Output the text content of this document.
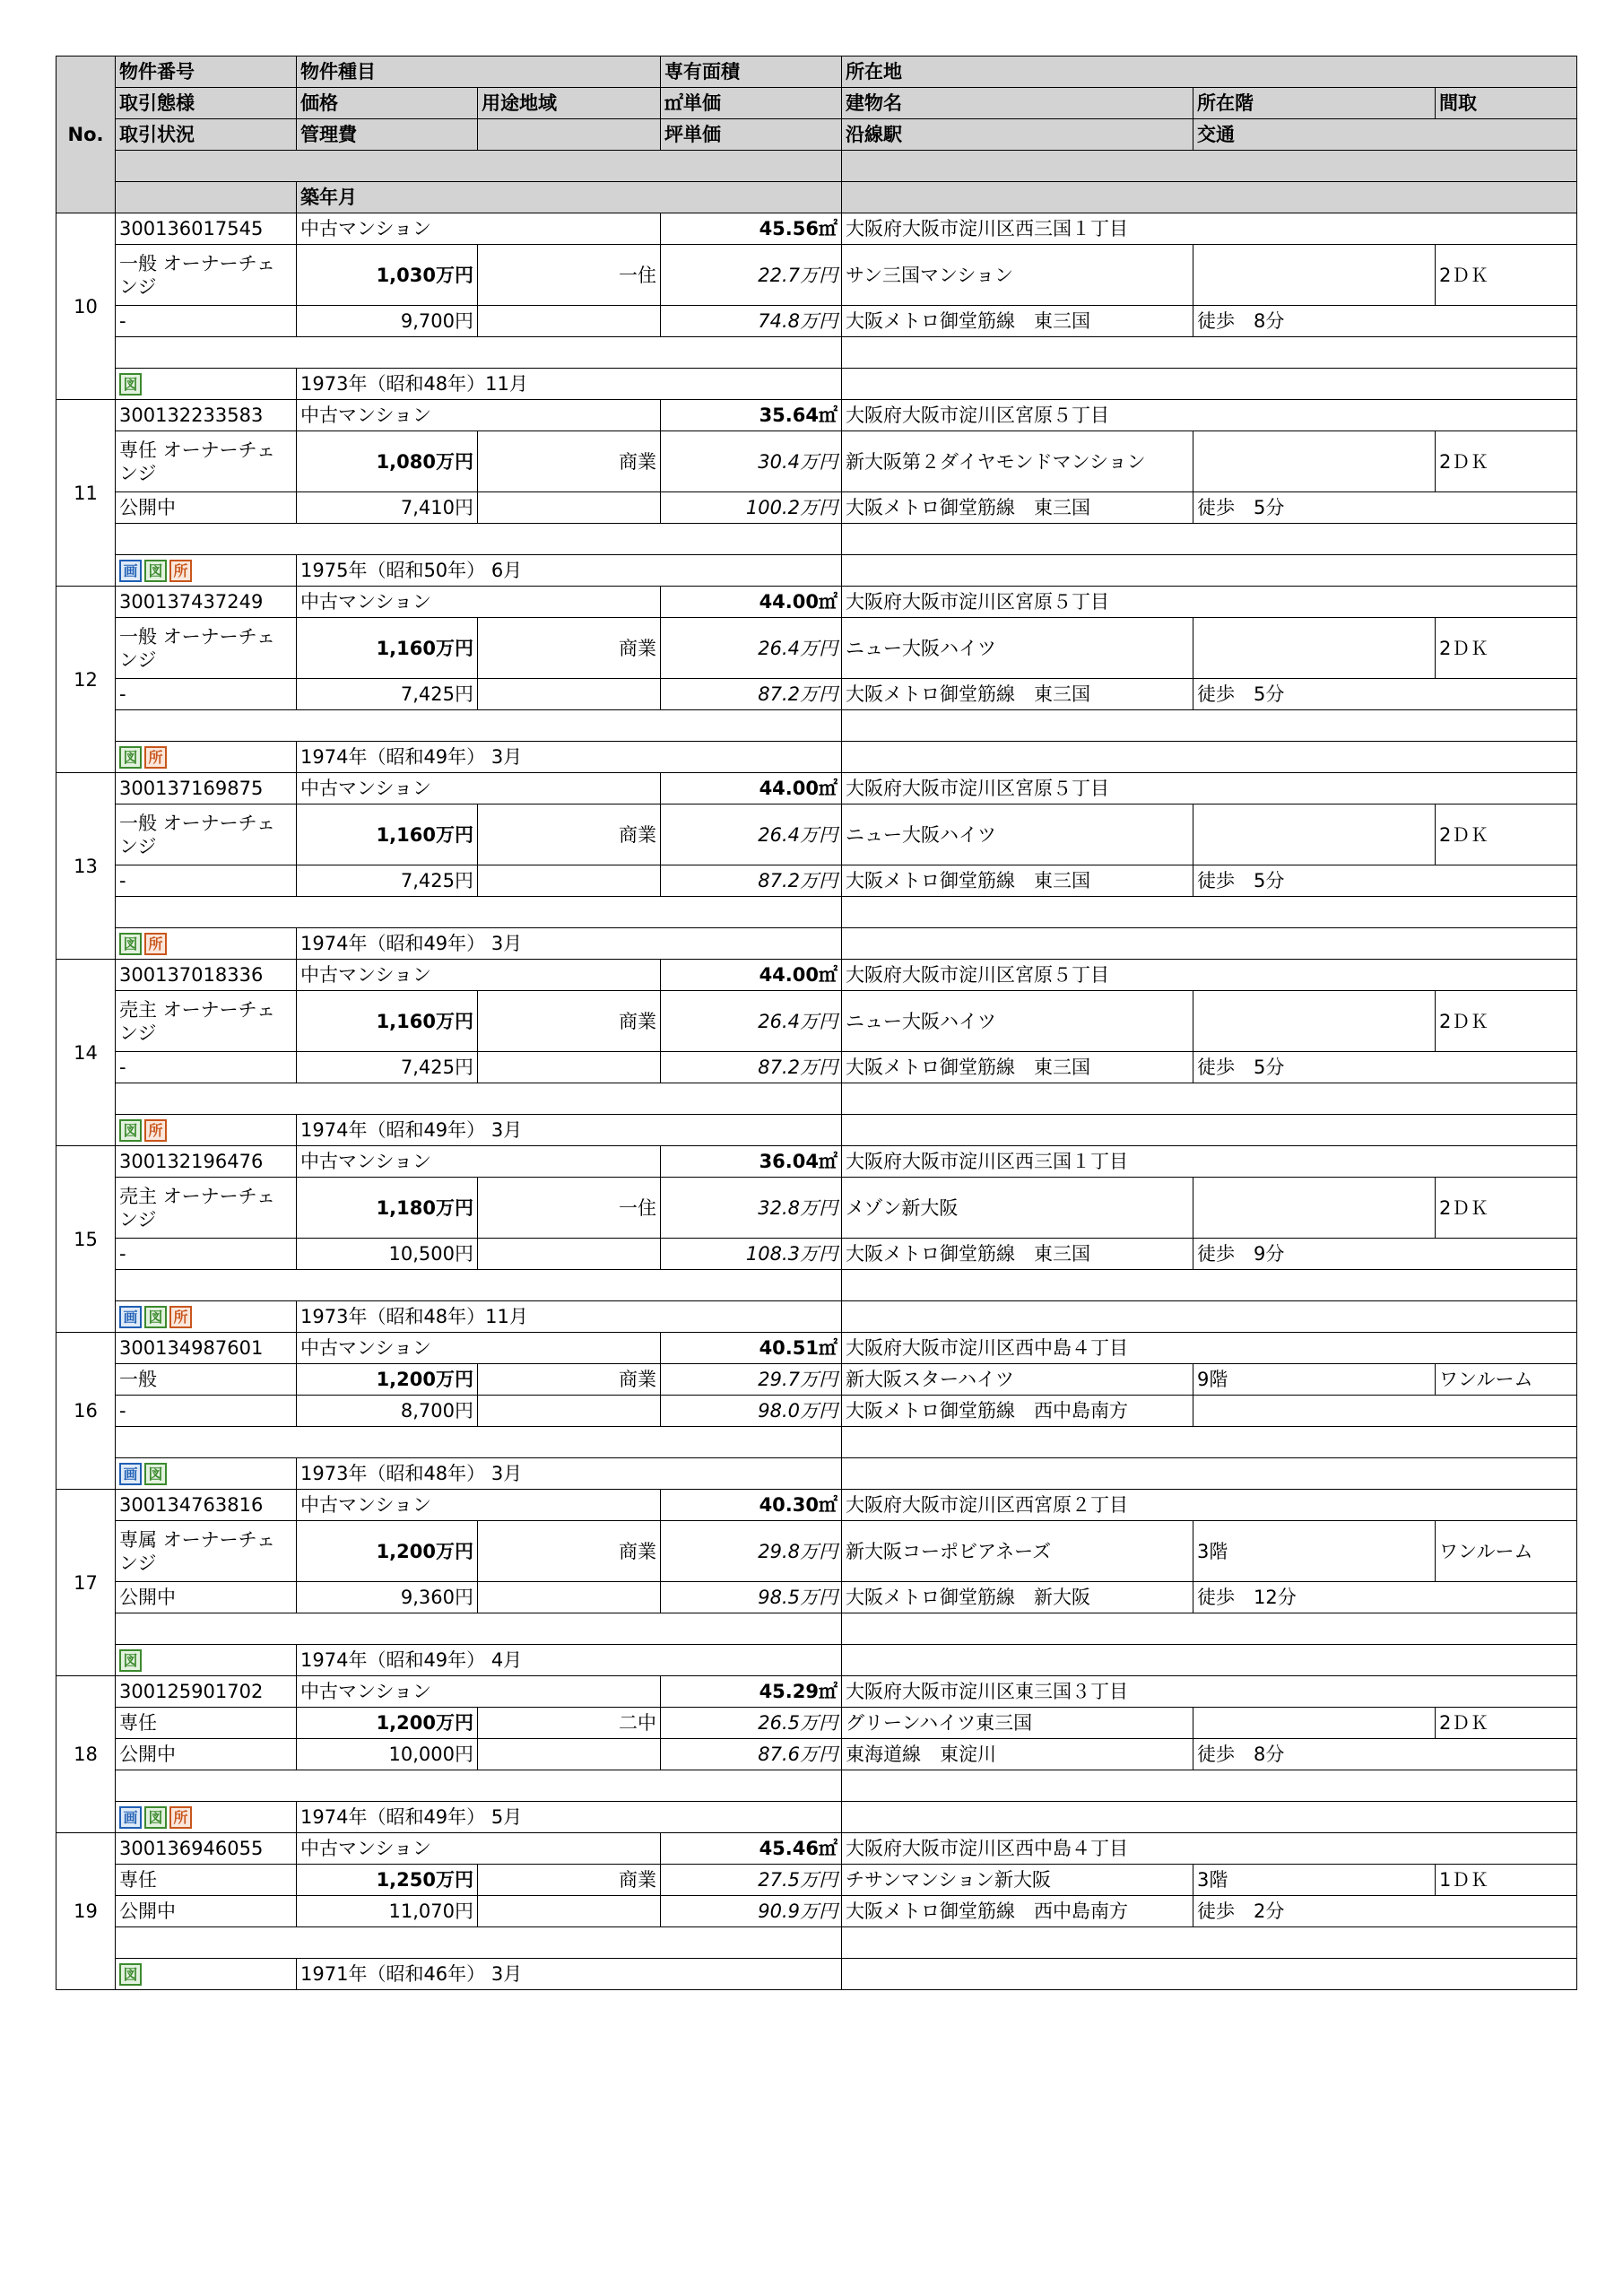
No.	物件番号	物件種目		専有面積	所在地		
	取引態様	価格	用途地域	㎡単価	建物名	所在階	間取
	取引状況	管理費		坪単価	沿線駅	交通	

		築年月					
10	300136017545	中古マンション		45.56㎡	大阪府大阪市淀川区西三国１丁目		
	一般 オーナーチェンジ	1,030万円	一住	22.7万円	サン三国マンション		2ＤＫ
	-	9,700円		74.8万円	大阪メトロ御堂筋線　東三国	徒歩　8分	

	図	1973年（昭和48年）11月					
11	300132233583	中古マンション		35.64㎡	大阪府大阪市淀川区宮原５丁目		
	専任 オーナーチェンジ	1,080万円	商業	30.4万円	新大阪第２ダイヤモンドマンション		2ＤＫ
	公開中	7,410円		100.2万円	大阪メトロ御堂筋線　東三国	徒歩　5分	

	画 図 所	1975年（昭和50年） 6月					
12	300137437249	中古マンション		44.00㎡	大阪府大阪市淀川区宮原５丁目		
	一般 オーナーチェンジ	1,160万円	商業	26.4万円	ニュー大阪ハイツ		2ＤＫ
	-	7,425円		87.2万円	大阪メトロ御堂筋線　東三国	徒歩　5分	

	図 所	1974年（昭和49年） 3月					
13	300137169875	中古マンション		44.00㎡	大阪府大阪市淀川区宮原５丁目		
	一般 オーナーチェンジ	1,160万円	商業	26.4万円	ニュー大阪ハイツ		2ＤＫ
	-	7,425円		87.2万円	大阪メトロ御堂筋線　東三国	徒歩　5分	

	図 所	1974年（昭和49年） 3月					
14	300137018336	中古マンション		44.00㎡	大阪府大阪市淀川区宮原５丁目		
	売主 オーナーチェンジ	1,160万円	商業	26.4万円	ニュー大阪ハイツ		2ＤＫ
	-	7,425円		87.2万円	大阪メトロ御堂筋線　東三国	徒歩　5分	

	図 所	1974年（昭和49年） 3月					
15	300132196476	中古マンション		36.04㎡	大阪府大阪市淀川区西三国１丁目		
	売主 オーナーチェンジ	1,180万円	一住	32.8万円	メゾン新大阪		2ＤＫ
	-	10,500円		108.3万円	大阪メトロ御堂筋線　東三国	徒歩　9分	

	画 図 所	1973年（昭和48年）11月					
16	300134987601	中古マンション		40.51㎡	大阪府大阪市淀川区西中島４丁目		
	一般	1,200万円	商業	29.7万円	新大阪スターハイツ	9階	ワンルーム
	-	8,700円		98.0万円	大阪メトロ御堂筋線　西中島南方		

	画 図	1973年（昭和48年） 3月					
17	300134763816	中古マンション		40.30㎡	大阪府大阪市淀川区西宮原２丁目		
	専属 オーナーチェンジ	1,200万円	商業	29.8万円	新大阪コーポビアネーズ	3階	ワンルーム
	公開中	9,360円		98.5万円	大阪メトロ御堂筋線　新大阪	徒歩　12分	

	図	1974年（昭和49年） 4月					
18	300125901702	中古マンション		45.29㎡	大阪府大阪市淀川区東三国３丁目		
	専任	1,200万円	二中	26.5万円	グリーンハイツ東三国		2ＤＫ
	公開中	10,000円		87.6万円	東海道線　東淀川	徒歩　8分	

	画 図 所	1974年（昭和49年） 5月					
19	300136946055	中古マンション		45.46㎡	大阪府大阪市淀川区西中島４丁目		
	専任	1,250万円	商業	27.5万円	チサンマンション新大阪	3階	1ＤＫ
	公開中	11,070円		90.9万円	大阪メトロ御堂筋線　西中島南方	徒歩　2分	

	図	1971年（昭和46年） 3月					
